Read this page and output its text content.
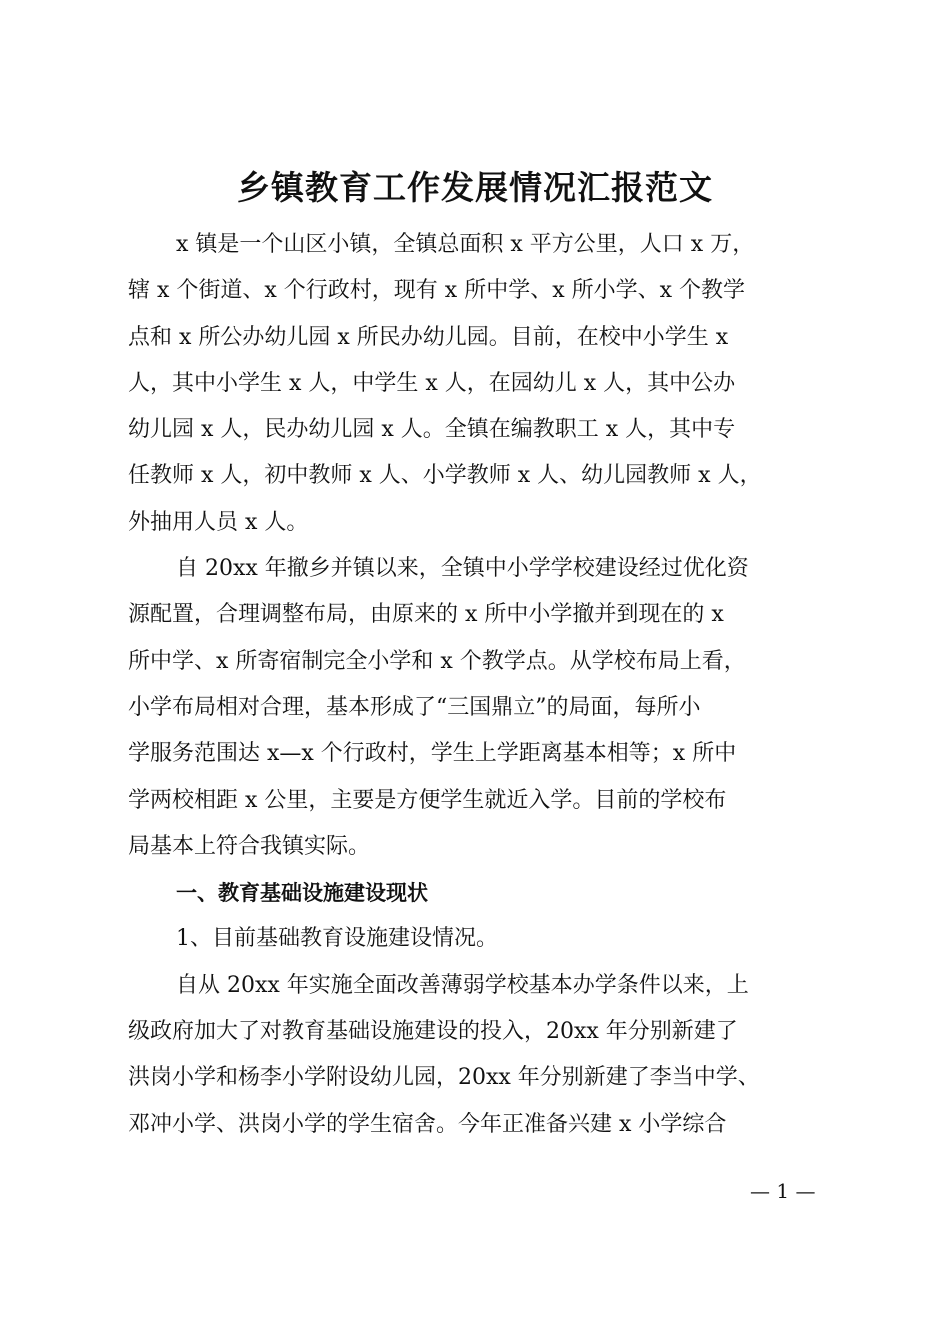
乡镇教育工作发展情况汇报范文
x 镇是一个山区小镇，全镇总面积 x 平方公里，人口 x 万，
辖 x 个街道、x 个行政村，现有 x 所中学、x 所小学、x 个教学
点和 x 所公办幼儿园 x 所民办幼儿园。目前，在校中小学生 x
人，其中小学生 x 人，中学生 x 人，在园幼儿 x 人，其中公办
幼儿园 x 人，民办幼儿园 x 人。全镇在编教职工 x 人，其中专
任教师 x 人，初中教师 x 人、小学教师 x 人、幼儿园教师 x 人，
外抽用人员 x 人。
自 20xx 年撤乡并镇以来，全镇中小学学校建设经过优化资
源配置，合理调整布局，由原来的 x 所中小学撤并到现在的 x
所中学、x 所寄宿制完全小学和 x 个教学点。从学校布局上看，
小学布局相对合理，基本形成了“三国鼎立”的局面，每所小
学服务范围达 x—x 个行政村，学生上学距离基本相等；x 所中
学两校相距 x 公里，主要是方便学生就近入学。目前的学校布
局基本上符合我镇实际。
一、教育基础设施建设现状
1、目前基础教育设施建设情况。
自从 20xx 年实施全面改善薄弱学校基本办学条件以来，上
级政府加大了对教育基础设施建设的投入，20xx 年分别新建了
洪岗小学和杨李小学附设幼儿园，20xx 年分别新建了李当中学、
邓冲小学、洪岗小学的学生宿舍。今年正准备兴建 x 小学综合
— 1 —
